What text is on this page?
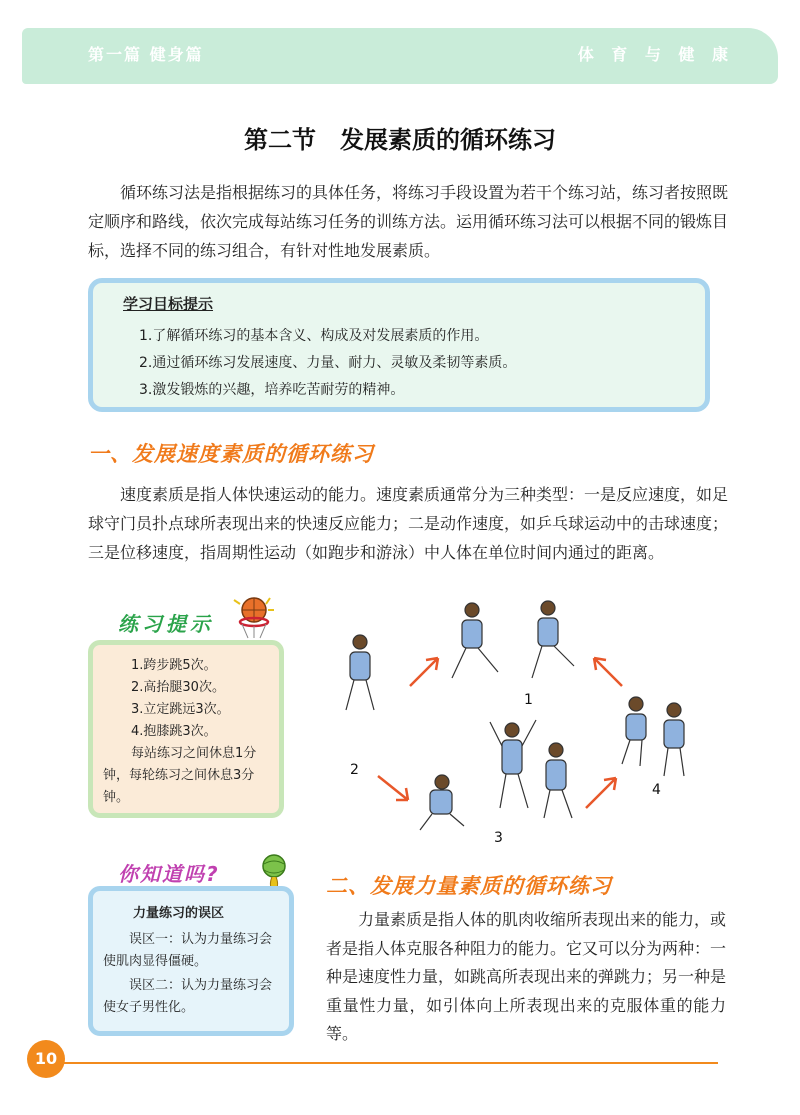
第一篇 健身篇	体 育 与 健 康
第二节　发展素质的循环练习

循环练习法是指根据练习的具体任务，将练习手段设置为若干个练习站，练习者按照既定顺序和路线，依次完成每站练习任务的训练方法。运用循环练习法可以根据不同的锻炼目标，选择不同的练习组合，有针对性地发展素质。

学习目标提示
1.了解循环练习的基本含义、构成及对发展素质的作用。
2.通过循环练习发展速度、力量、耐力、灵敏及柔韧等素质。
3.激发锻炼的兴趣，培养吃苦耐劳的精神。
一、发展速度素质的循环练习

速度素质是指人体快速运动的能力。速度素质通常分为三种类型：一是反应速度，如足球守门员扑点球所表现出来的快速反应能力；二是动作速度，如乒乓球运动中的击球速度；三是位移速度，指周期性运动（如跑步和游泳）中人体在单位时间内通过的距离。

练习提示
1.跨步跳5次。
2.高抬腿30次。
3.立定跳远3次。
4.抱膝跳3次。
每站练习之间休息1分钟，每轮练习之间休息3分钟。
1
2
3
4
你知道吗?
力量练习的误区
误区一：认为力量练习会使肌肉显得僵硬。
误区二：认为力量练习会使女子男性化。
二、发展力量素质的循环练习

力量素质是指人体的肌肉收缩所表现出来的能力，或者是指人体克服各种阻力的能力。它又可以分为两种：一种是速度性力量，如跳高所表现出来的弹跳力；另一种是重量性力量，如引体向上所表现出来的克服体重的能力等。

10
